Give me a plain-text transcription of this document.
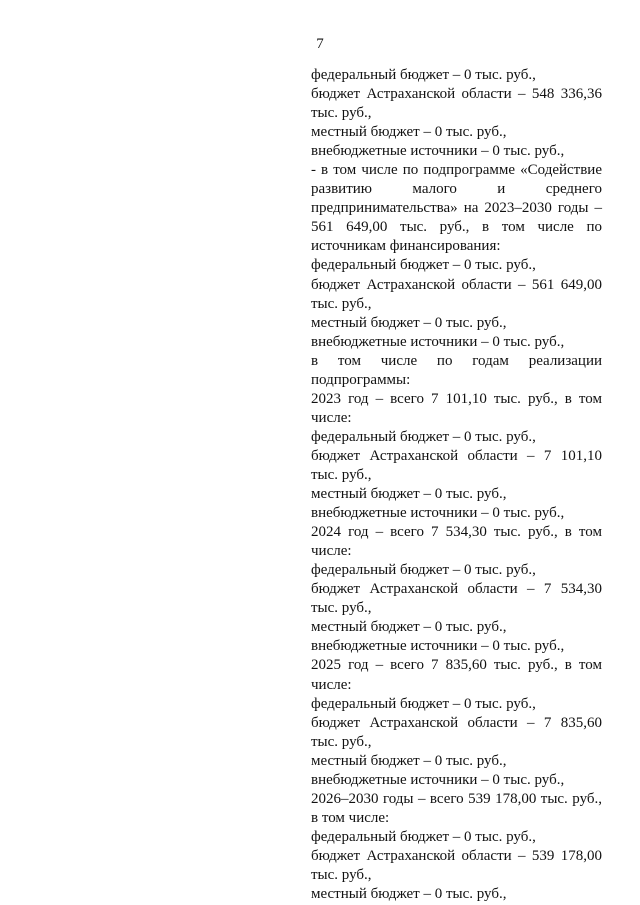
7

федеральный бюджет – 0 тыс. руб.,

бюджет Астраханской области – 548 336,36 тыс. руб.,

местный бюджет – 0 тыс. руб.,

внебюджетные источники – 0 тыс. руб.,

- в том числе по подпрограмме «Содействие развитию малого и среднего предпринимательства» на 2023–2030 годы – 561 649,00 тыс. руб., в том числе по источникам финансирования:

федеральный бюджет – 0 тыс. руб.,

бюджет Астраханской области – 561 649,00 тыс. руб.,

местный бюджет – 0 тыс. руб.,

внебюджетные источники – 0 тыс. руб.,

в том числе по годам реализации подпрограммы:

2023 год – всего 7 101,10 тыс. руб., в том числе:

федеральный бюджет – 0 тыс. руб.,

бюджет Астраханской области – 7 101,10 тыс. руб.,

местный бюджет – 0 тыс. руб.,

внебюджетные источники – 0 тыс. руб.,

2024 год – всего 7 534,30 тыс. руб., в том числе:

федеральный бюджет – 0 тыс. руб.,

бюджет Астраханской области – 7 534,30 тыс. руб.,

местный бюджет – 0 тыс. руб.,

внебюджетные источники – 0 тыс. руб.,

2025 год – всего 7 835,60 тыс. руб., в том числе:

федеральный бюджет – 0 тыс. руб.,

бюджет Астраханской области – 7 835,60 тыс. руб.,

местный бюджет – 0 тыс. руб.,

внебюджетные источники – 0 тыс. руб.,

2026–2030 годы – всего 539 178,00 тыс. руб., в том числе:

федеральный бюджет – 0 тыс. руб.,

бюджет Астраханской области – 539 178,00 тыс. руб.,

местный бюджет – 0 тыс. руб.,
